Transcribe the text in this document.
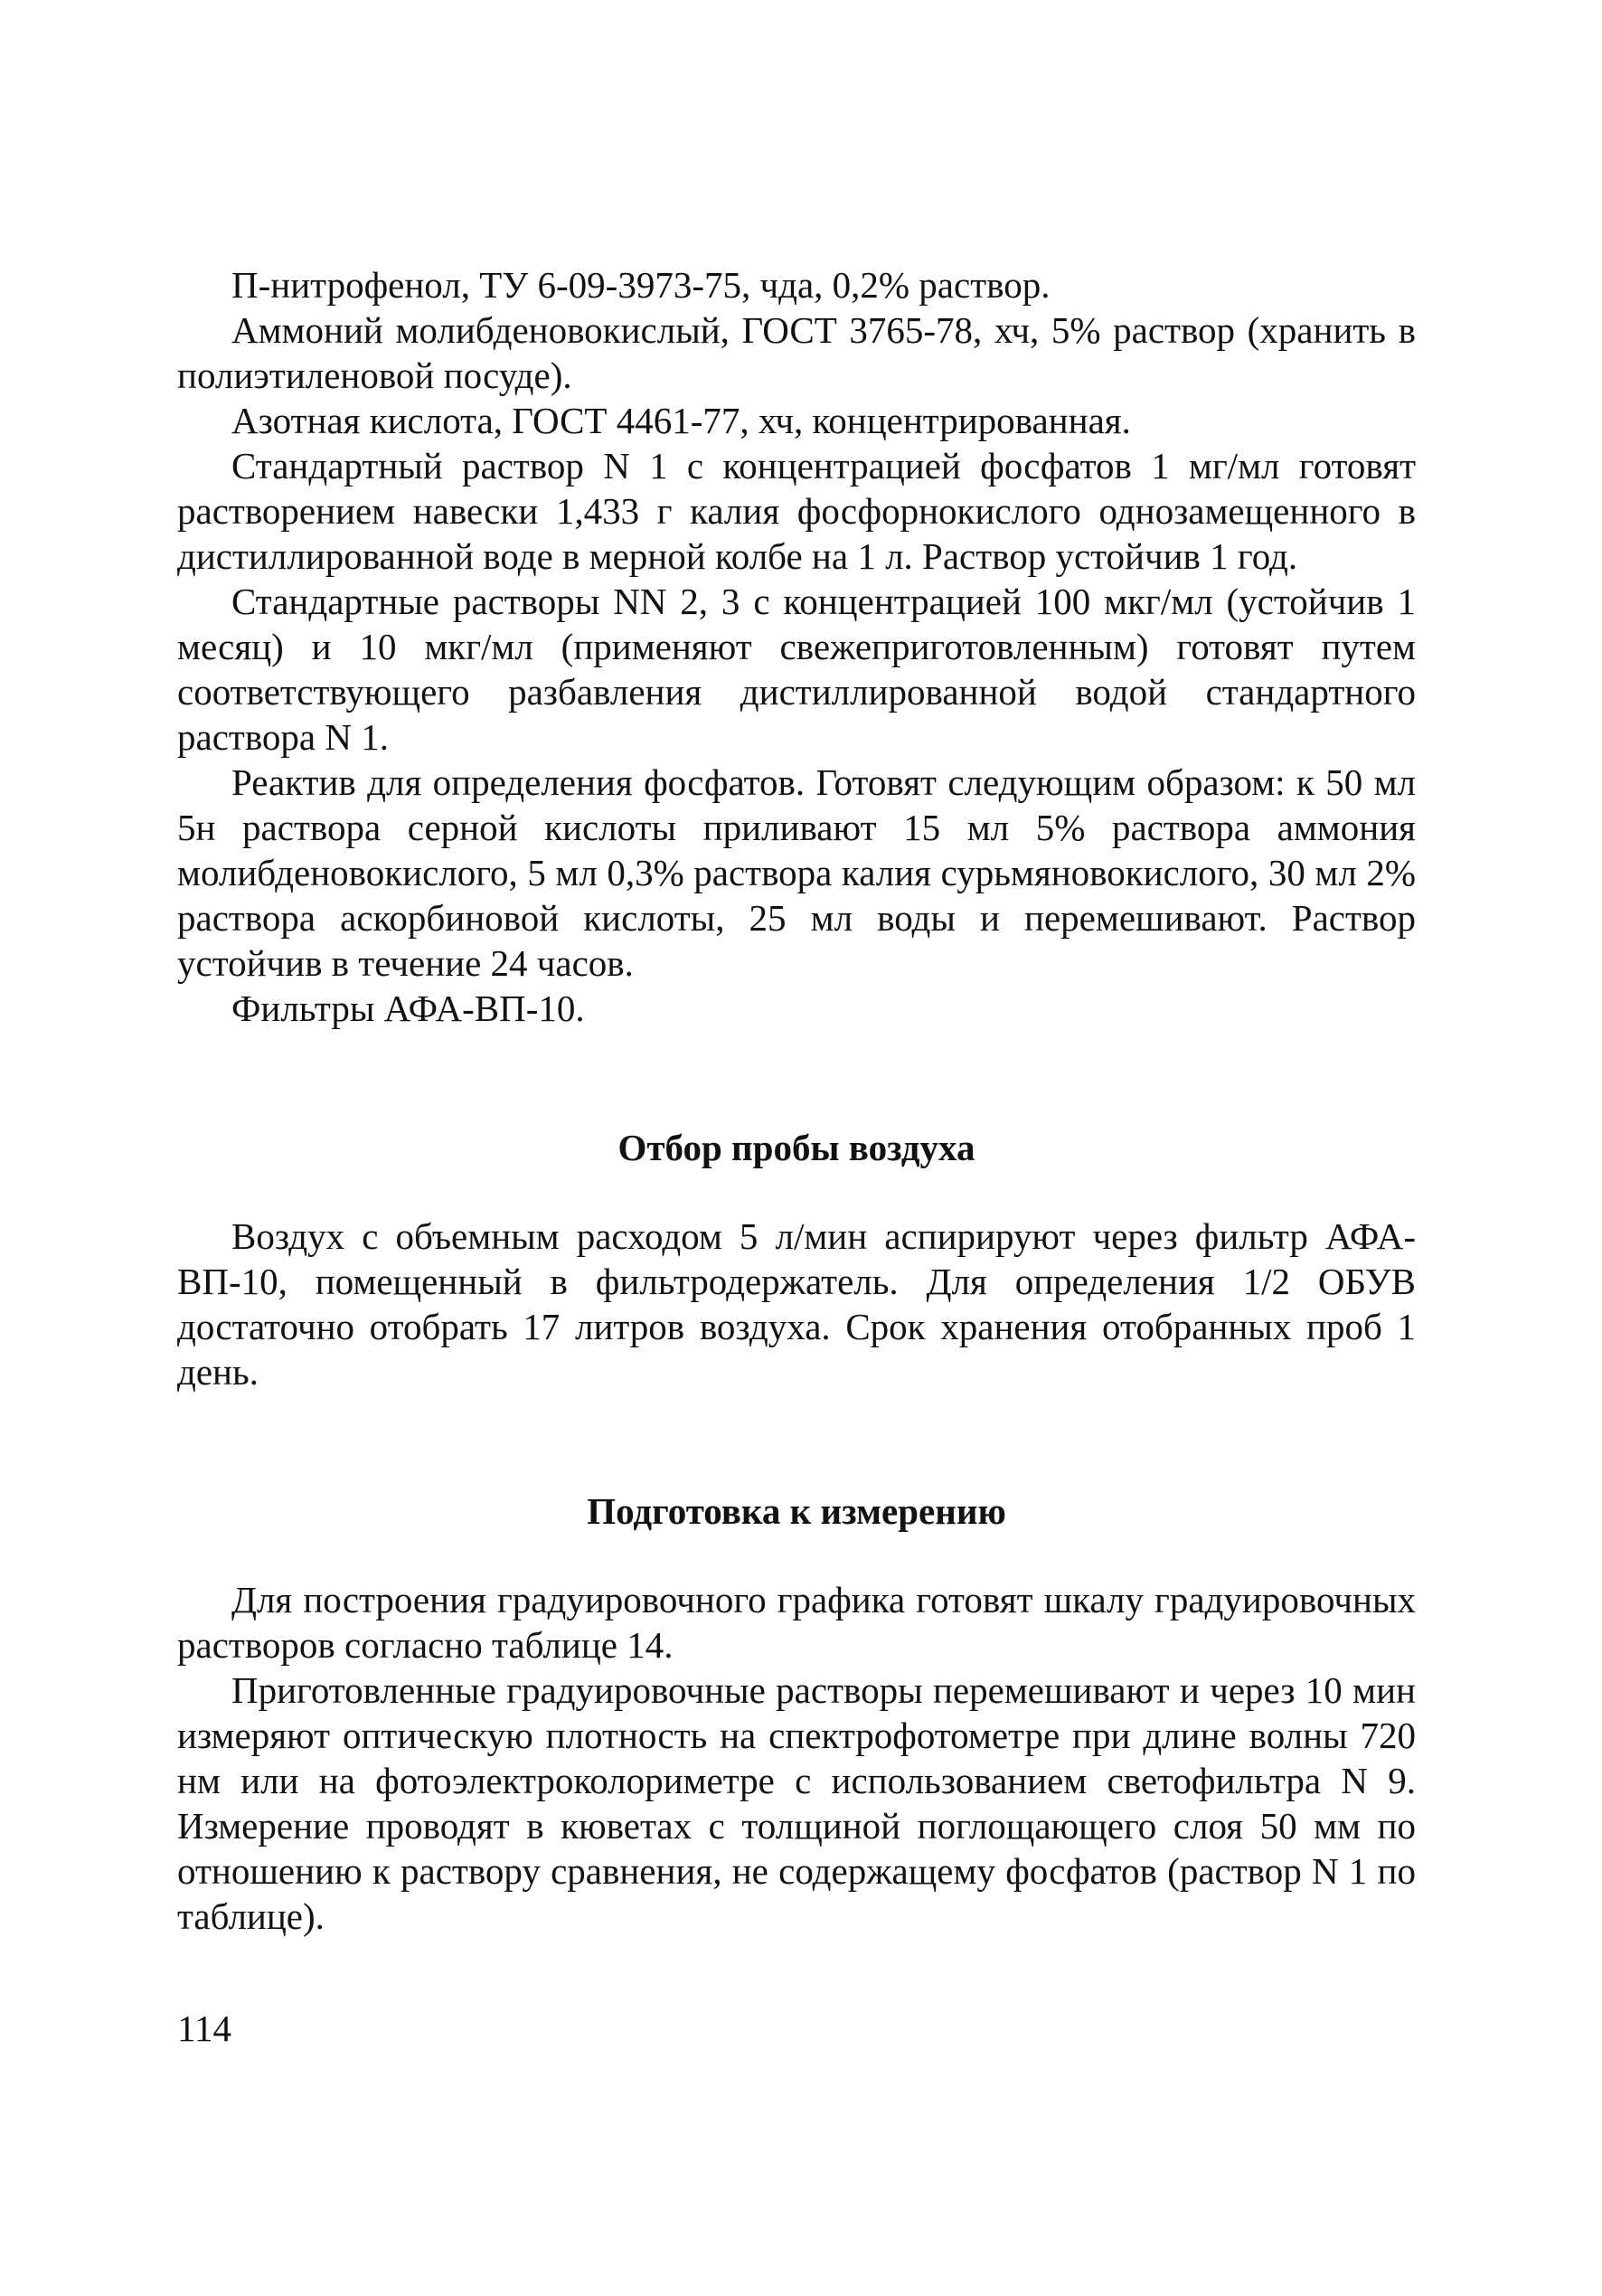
П-нитрофенол, ТУ 6-09-3973-75, чда, 0,2% раствор.

Аммоний молибденовокислый, ГОСТ 3765-78, хч, 5% раствор (хранить в полиэтиленовой посуде).

Азотная кислота, ГОСТ 4461-77, хч, концентрированная.

Стандартный раствор N 1 с концентрацией фосфатов 1 мг/мл готовят растворением навески 1,433 г калия фосфорнокислого однозамещенного в дистиллированной воде в мерной колбе на 1 л. Раствор устойчив 1 год.

Стандартные растворы NN 2, 3 с концентрацией 100 мкг/мл (устойчив 1 месяц) и 10 мкг/мл (применяют свежеприготовленным) готовят путем соответствующего разбавления дистиллированной водой стандартного раствора N 1.

Реактив для определения фосфатов. Готовят следующим образом: к 50 мл 5н раствора серной кислоты приливают 15 мл 5% раствора аммония молибденовокислого, 5 мл 0,3% раствора калия сурьмяновокислого, 30 мл 2% раствора аскорбиновой кислоты, 25 мл воды и перемешивают. Раствор устойчив в течение 24 часов.

Фильтры АФА-ВП-10.

Отбор пробы воздуха

Воздух с объемным расходом 5 л/мин аспирируют через фильтр АФА-ВП-10, помещенный в фильтродержатель. Для определения 1/2 ОБУВ достаточно отобрать 17 литров воздуха. Срок хранения отобранных проб 1 день.

Подготовка к измерению

Для построения градуировочного графика готовят шкалу градуировочных растворов согласно таблице 14.

Приготовленные градуировочные растворы перемешивают и через 10 мин измеряют оптическую плотность на спектрофотометре при длине волны 720 нм или на фотоэлектроколориметре с использованием светофильтра N 9. Измерение проводят в кюветах с толщиной поглощающего слоя 50 мм по отношению к раствору сравнения, не содержащему фосфатов (раствор N 1 по таблице).

114
